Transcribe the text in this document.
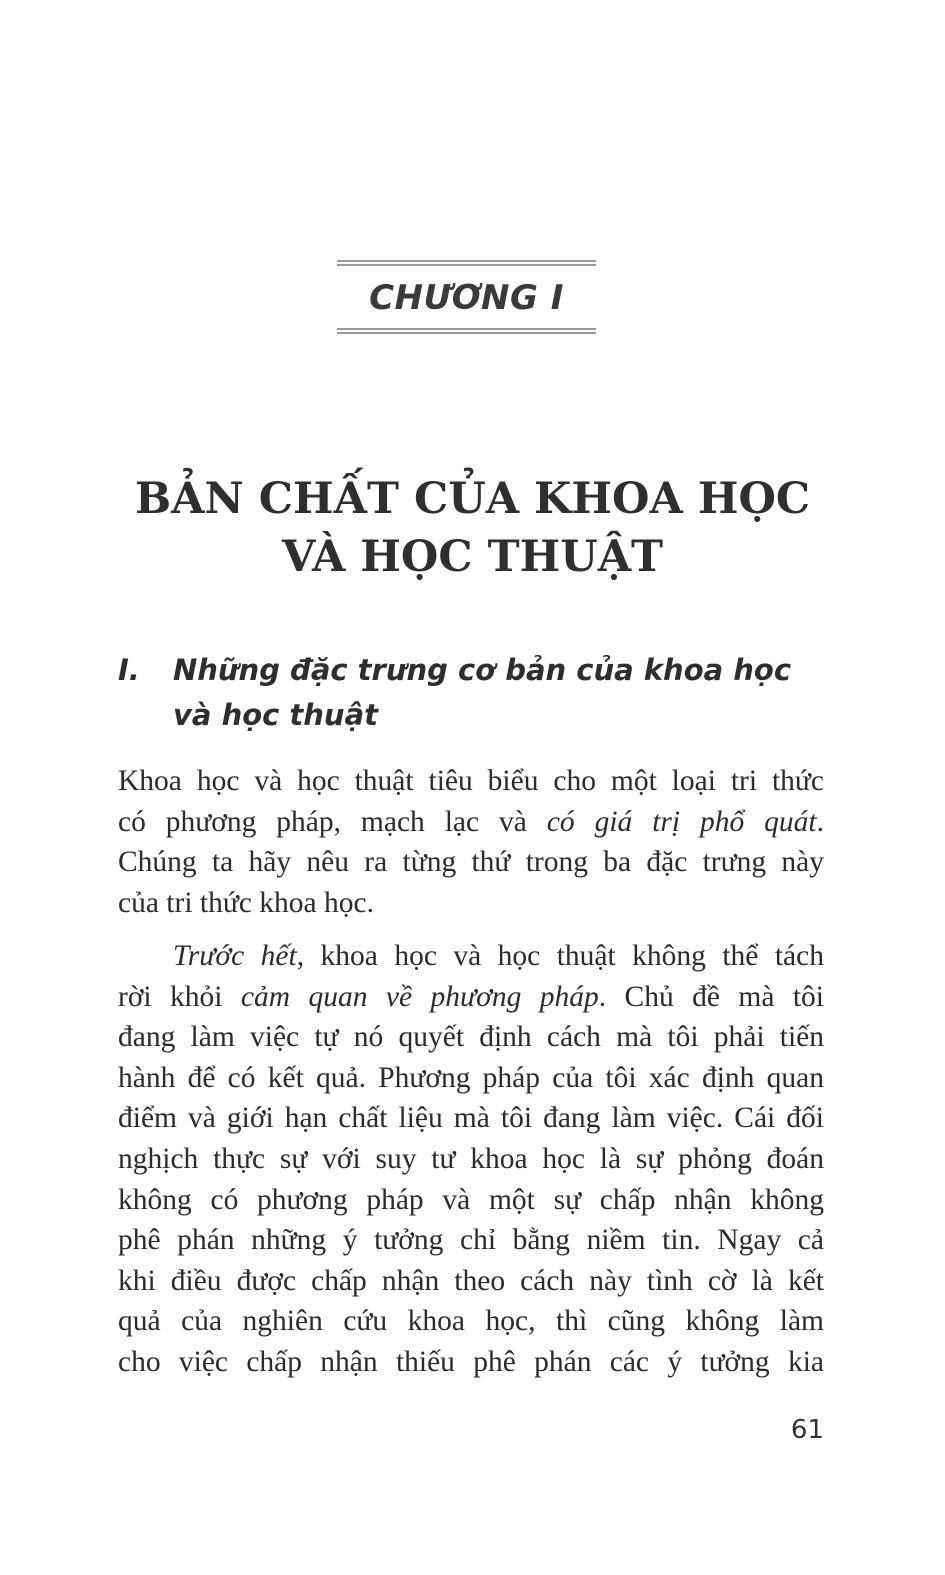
CHƯƠNG I
BẢN CHẤT CỦA KHOA HỌC
VÀ HỌC THUẬT
I. Những đặc trưng cơ bản của khoa học
và học thuật
Khoa học và học thuật tiêu biểu cho một loại tri thức
có phương pháp, mạch lạc và có giá trị phổ quát.
Chúng ta hãy nêu ra từng thứ trong ba đặc trưng này
của tri thức khoa học.
Trước hết, khoa học và học thuật không thể tách
rời khỏi cảm quan về phương pháp. Chủ đề mà tôi
đang làm việc tự nó quyết định cách mà tôi phải tiến
hành để có kết quả. Phương pháp của tôi xác định quan
điểm và giới hạn chất liệu mà tôi đang làm việc. Cái đối
nghịch thực sự với suy tư khoa học là sự phỏng đoán
không có phương pháp và một sự chấp nhận không
phê phán những ý tưởng chỉ bằng niềm tin. Ngay cả
khi điều được chấp nhận theo cách này tình cờ là kết
quả của nghiên cứu khoa học, thì cũng không làm
cho việc chấp nhận thiếu phê phán các ý tưởng kia
61
